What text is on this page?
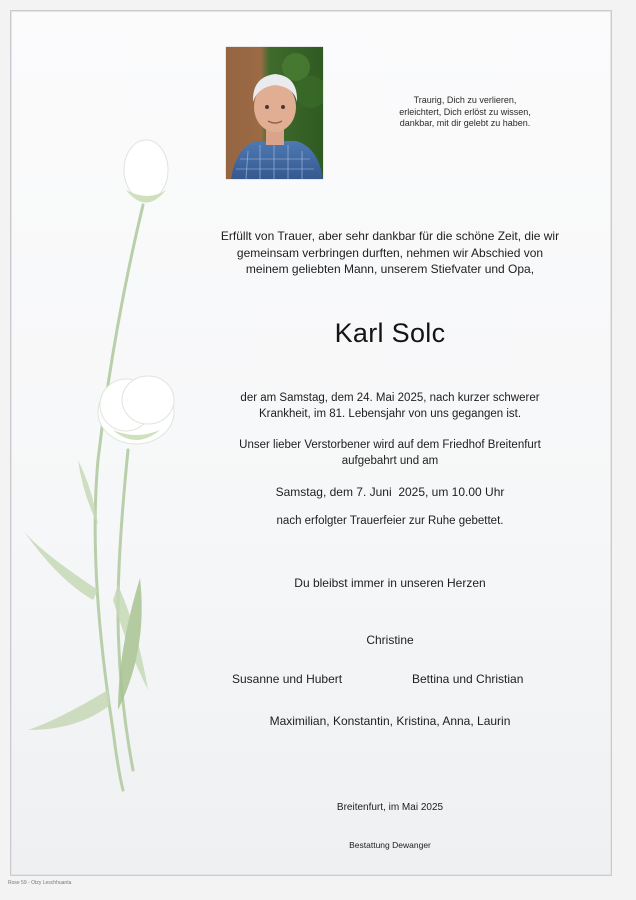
Traurig, Dich zu verlieren,
erleichtert, Dich erlöst zu wissen,
dankbar, mit dir gelebt zu haben.
Erfüllt von Trauer, aber sehr dankbar für die schöne Zeit, die wir
gemeinsam verbringen durften, nehmen wir Abschied von
meinem geliebten Mann, unserem Stiefvater und Opa,
Karl Solc
der am Samstag, dem 24. Mai 2025, nach kurzer schwerer
Krankheit, im 81. Lebensjahr von uns gegangen ist.
Unser lieber Verstorbener wird auf dem Friedhof Breitenfurt
aufgebahrt und am
Samstag, dem 7. Juni  2025, um 10.00 Uhr
nach erfolgter Trauerfeier zur Ruhe gebettet.
Du bleibst immer in unseren Herzen
Christine
Susanne und Hubert	Bettina und Christian
Maximilian, Konstantin, Kristina, Anna, Laurin
Breitenfurt, im Mai 2025
Bestattung Dewanger
Rose 59 - Otzy Leschhuanta
